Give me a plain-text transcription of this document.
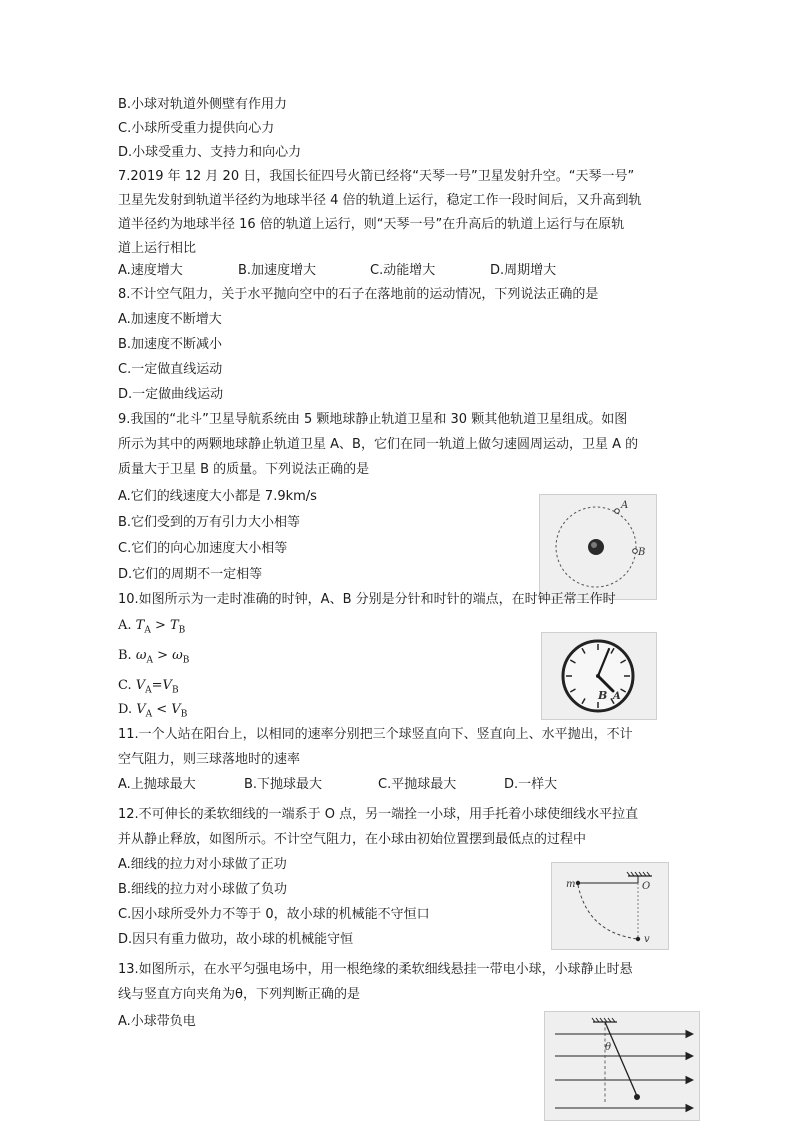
B.小球对轨道外侧壁有作用力
C.小球所受重力提供向心力
D.小球受重力、支持力和向心力
7.2019 年 12 月 20 日，我国长征四号火箭已经将“天琴一号”卫星发射升空。“天琴一号”
卫星先发射到轨道半径约为地球半径 4 倍的轨道上运行，稳定工作一段时间后，又升高到轨
道半径约为地球半径 16 倍的轨道上运行，则“天琴一号”在升高后的轨道上运行与在原轨
道上运行相比
A.速度增大	B.加速度增大	C.动能增大	D.周期增大
8.不计空气阻力，关于水平抛向空中的石子在落地前的运动情况，下列说法正确的是
A.加速度不断增大
B.加速度不断减小
C.一定做直线运动
D.一定做曲线运动
9.我国的“北斗”卫星导航系统由 5 颗地球静止轨道卫星和 30 颗其他轨道卫星组成。如图
所示为其中的两颗地球静止轨道卫星 A、B，它们在同一轨道上做匀速圆周运动，卫星 A 的
质量大于卫星 B 的质量。下列说法正确的是
A.它们的线速度大小都是 7.9km/s
B.它们受到的万有引力大小相等
C.它们的向心加速度大小相等
D.它们的周期不一定相等
A
B
10.如图所示为一走时准确的时钟，A、B 分别是分针和时针的端点，在时钟正常工作时
A. $T_A > T_B$
B. $\omega_A > \omega_B$
C. $V_A=V_B$
D. $V_A < V_B$
B A
11.一个人站在阳台上，以相同的速率分别把三个球竖直向下、竖直向上、水平抛出，不计
空气阻力，则三球落地时的速率
A.上抛球最大	B.下抛球最大	C.平抛球最大	D.一样大
12.不可伸长的柔软细线的一端系于 O 点，另一端拴一小球，用手托着小球使细线水平拉直
并从静止释放，如图所示。不计空气阻力，在小球由初始位置摆到最低点的过程中
A.细线的拉力对小球做了正功
B.细线的拉力对小球做了负功
C.因小球所受外力不等于 0，故小球的机械能不守恒口
D.因只有重力做功，故小球的机械能守恒
m	O
v
13.如图所示，在水平匀强电场中，用一根绝缘的柔软细线悬挂一带电小球，小球静止时悬
线与竖直方向夹角为θ，下列判断正确的是
A.小球带负电
θ
